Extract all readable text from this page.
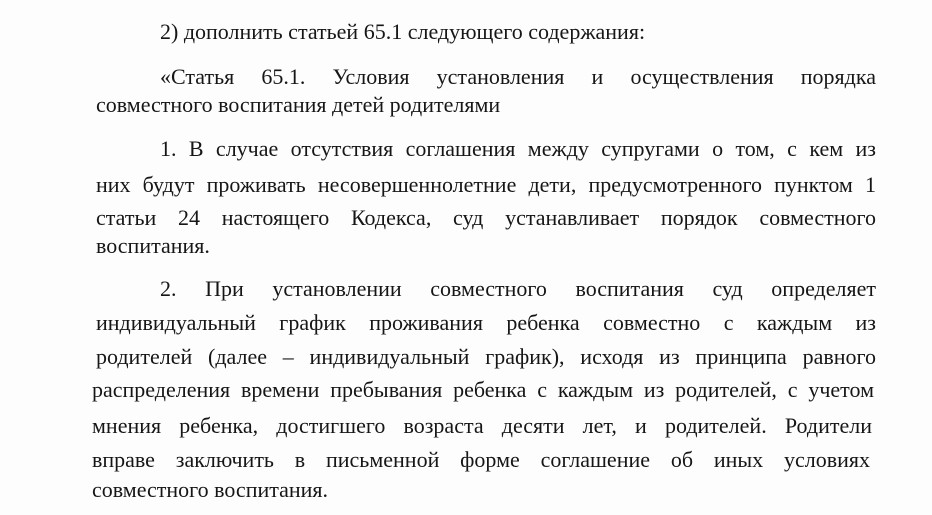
2) дополнить статьей 65.1 следующего содержания:
«Статья 65.1. Условия установления и осуществления порядка
совместного воспитания детей родителями
1. В случае отсутствия соглашения между супругами о том, с кем из
них будут проживать несовершеннолетние дети, предусмотренного пунктом 1
статьи 24 настоящего Кодекса, суд устанавливает порядок совместного
воспитания.
2. При установлении совместного воспитания суд определяет
индивидуальный график проживания ребенка совместно с каждым из
родителей (далее – индивидуальный график), исходя из принципа равного
распределения времени пребывания ребенка с каждым из родителей, с учетом
мнения ребенка, достигшего возраста десяти лет, и родителей. Родители
вправе заключить в письменной форме соглашение об иных условиях
совместного воспитания.
